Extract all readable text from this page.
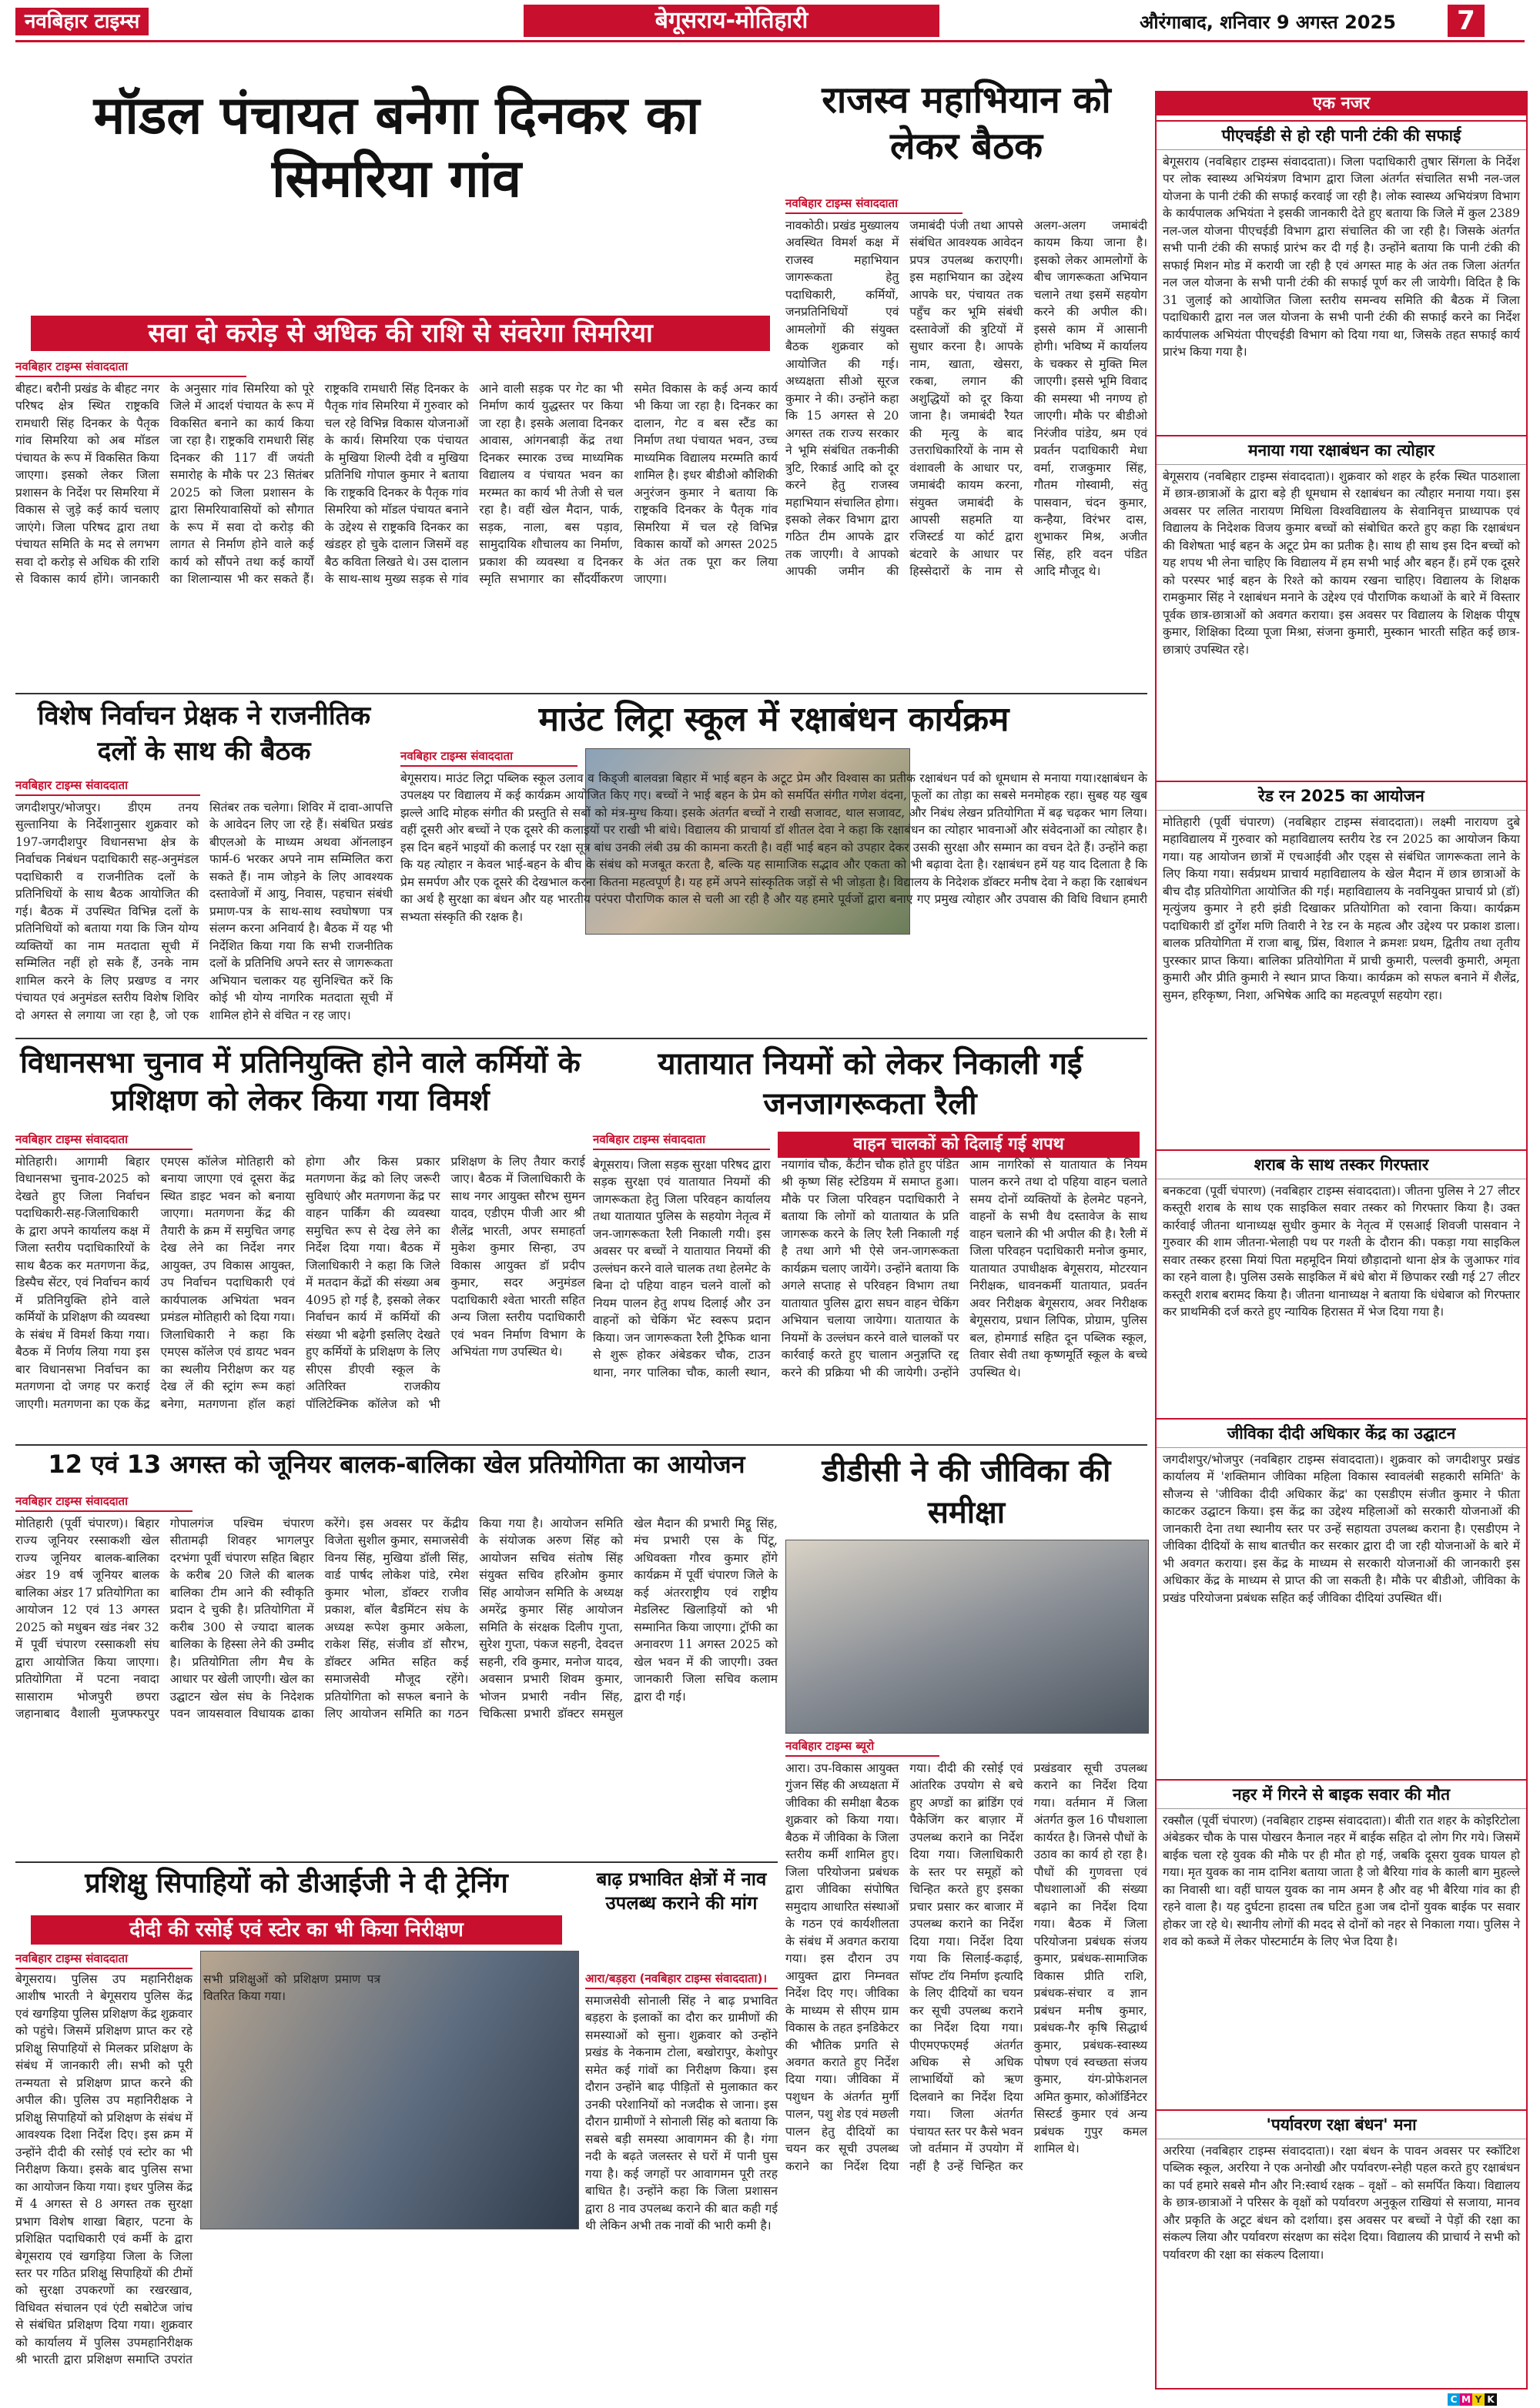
नवबिहार टाइम्स	बेगूसराय-मोतिहारी	औरंगाबाद, शनिवार 9 अगस्त 2025	7
मॉडल पंचायत बनेगा दिनकर का सिमरिया गांव
सवा दो करोड़ से अधिक की राशि से संवरेगा सिमरिया
नवबिहार टाइम्स संवाददाता
बीहट। बरौनी प्रखंड के बीहट नगर परिषद क्षेत्र स्थित राष्ट्रकवि रामधारी सिंह दिनकर के पैतृक गांव सिमरिया को अब मॉडल पंचायत के रूप में विकसित किया जाएगा। इसको लेकर जिला प्रशासन के निर्देश पर सिमरिया में विकास से जुड़े कई कार्य चलाए जाएंगे। जिला परिषद द्वारा तथा पंचायत समिति के मद से लगभग सवा दो करोड़ से अधिक की राशि से विकास कार्य होंगे। जानकारी के अनुसार गांव सिमरिया को पूरे जिले में आदर्श पंचायत के रूप में विकसित बनाने का कार्य किया जा रहा है। राष्ट्रकवि रामधारी सिंह दिनकर की 117 वीं जयंती समारोह के मौके पर 23 सितंबर 2025 को जिला प्रशासन के द्वारा सिमरियावासियों को सौगात के रूप में सवा दो करोड़ की लागत से निर्माण होने वाले कई कार्य को सौंपने तथा कई कार्यों का शिलान्यास भी कर सकते हैं। राष्ट्रकवि रामधारी सिंह दिनकर के पैतृक गांव सिमरिया में गुरुवार को चल रहे विभिन्न विकास योजनाओं के कार्य। सिमरिया एक पंचायत के मुखिया शिल्पी देवी व मुखिया प्रतिनिधि गोपाल कुमार ने बताया कि राष्ट्रकवि दिनकर के पैतृक गांव सिमरिया को मॉडल पंचायत बनाने के उद्देश्य से राष्ट्रकवि दिनकर का खंडहर हो चुके दालान जिसमें वह बैठ कविता लिखते थे। उस दालान के साथ-साथ मुख्य सड़क से गांव आने वाली सड़क पर गेट का भी निर्माण कार्य युद्धस्तर पर किया जा रहा है। इसके अलावा दिनकर आवास, आंगनबाड़ी केंद्र तथा दिनकर स्मारक उच्च माध्यमिक विद्यालय व पंचायत भवन का मरम्मत का कार्य भी तेजी से चल रहा है। वहीं खेल मैदान, पार्क, सड़क, नाला, बस पड़ाव, सामुदायिक शौचालय का निर्माण, प्रकाश की व्यवस्था व दिनकर स्मृति सभागार का सौंदर्यीकरण समेत विकास के कई अन्य कार्य भी किया जा रहा है। दिनकर का दालान, गेट व बस स्टैंड का निर्माण तथा पंचायत भवन, उच्च माध्यमिक विद्यालय मरम्मति कार्य शामिल है। इधर बीडीओ कौशिकी अनुरंजन कुमार ने बताया कि राष्ट्रकवि दिनकर के पैतृक गांव सिमरिया में चल रहे विभिन्न विकास कार्यों को अगस्त 2025 के अंत तक पूरा कर लिया जाएगा।
राजस्व महाभियान को लेकर बैठक
नवबिहार टाइम्स संवाददाता
नावकोठी। प्रखंड मुख्यालय अवस्थित विमर्श कक्ष में राजस्व महाभियान जागरूकता हेतु पदाधिकारी, कर्मियों, जनप्रतिनिधियों एवं आमलोगों की संयुक्त बैठक शुक्रवार को आयोजित की गई। अध्यक्षता सीओ सूरज कुमार ने की। उन्होंने कहा कि 15 अगस्त से 20 अगस्त तक राज्य सरकार ने भूमि संबंधित तकनीकी त्रुटि, रिकार्ड आदि को दूर करने हेतु राजस्व महाभियान संचालित होगा। इसको लेकर विभाग द्वारा गठित टीम आपके द्वार तक जाएगी। वे आपको आपकी जमीन की जमाबंदी पंजी तथा आपसे संबंधित आवश्यक आवेदन प्रपत्र उपलब्ध कराएगी। इस महाभियान का उद्देश्य आपके घर, पंचायत तक पहुँच कर भूमि संबंधी दस्तावेजों की त्रुटियों में सुधार करना है। आपके नाम, खाता, खेसरा, रकबा, लगान की अशुद्धियों को दूर किया जाना है। जमाबंदी रैयत की मृत्यु के बाद उत्तराधिकारियों के नाम से वंशावली के आधार पर, जमाबंदी कायम करना, संयुक्त जमाबंदी के आपसी सहमति या रजिस्टर्ड या कोर्ट द्वारा बंटवारे के आधार पर हिस्सेदारों के नाम से अलग-अलग जमाबंदी कायम किया जाना है। इसको लेकर आमलोगों के बीच जागरूकता अभियान चलाने तथा इसमें सहयोग करने की अपील की। इससे काम में आसानी होगी। भविष्य में कार्यालय के चक्कर से मुक्ति मिल जाएगी। इससे भूमि विवाद की समस्या भी नगण्य हो जाएगी। मौके पर बीडीओ निरंजीव पांडेय, श्रम एवं प्रवर्तन पदाधिकारी मेधा वर्मा, राजकुमार सिंह, गौतम गोस्वामी, संतु पासवान, चंदन कुमार, कन्हैया, विरंभर दास, शुभाकर मिश्र, अजीत सिंह, हरि वदन पंडित आदि मौजूद थे।
विशेष निर्वाचन प्रेक्षक ने राजनीतिक दलों के साथ की बैठक
नवबिहार टाइम्स संवाददाता
जगदीशपुर/भोजपुर। डीएम तनय सुल्तानिया के निर्देशानुसार शुक्रवार को 197-जगदीशपुर विधानसभा क्षेत्र के निर्वाचक निबंधन पदाधिकारी सह-अनुमंडल पदाधिकारी व राजनीतिक दलों के प्रतिनिधियों के साथ बैठक आयोजित की गई। बैठक में उपस्थित विभिन्न दलों के प्रतिनिधियों को बताया गया कि जिन योग्य व्यक्तियों का नाम मतदाता सूची में सम्मिलित नहीं हो सके हैं, उनके नाम शामिल करने के लिए प्रखण्ड व नगर पंचायत एवं अनुमंडल स्तरीय विशेष शिविर दो अगस्त से लगाया जा रहा है, जो एक सितंबर तक चलेगा। शिविर में दावा-आपत्ति के आवेदन लिए जा रहे हैं। संबंधित प्रखंड बीएलओ के माध्यम अथवा ऑनलाइन फार्म-6 भरकर अपने नाम सम्मिलित करा सकते हैं। नाम जोड़ने के लिए आवश्यक दस्तावेजों में आयु, निवास, पहचान संबंधी प्रमाण-पत्र के साथ-साथ स्वघोषणा पत्र संलग्न करना अनिवार्य है। बैठक में यह भी निर्देशित किया गया कि सभी राजनीतिक दलों के प्रतिनिधि अपने स्तर से जागरूकता अभियान चलाकर यह सुनिश्चित करें कि कोई भी योग्य नागरिक मतदाता सूची में शामिल होने से वंचित न रह जाए।
माउंट लिट्रा स्कूल में रक्षाबंधन कार्यक्रम
नवबिहार टाइम्स संवाददाता
बेगूसराय। माउंट लिट्रा पब्लिक स्कूल उलाव व किड्जी बालवन्ना बिहार में भाई बहन के अटूट प्रेम और विश्वास का प्रतीक रक्षाबंधन पर्व को धूमधाम से मनाया गया।रक्षाबंधन के उपलक्ष्य पर विद्यालय में कई कार्यक्रम आयोजित किए गए। बच्चों ने भाई बहन के प्रेम को समर्पित संगीत गणेश वंदना, फूलों का तोड़ा का सबसे मनमोहक रहा। सुबह यह खुब झल्ले आदि मोहक संगीत की प्रस्तुति से सबों को मंत्र-मुग्ध किया। इसके अंतर्गत बच्चों ने राखी सजावट, थाल सजावट, और निबंध लेखन प्रतियोगिता में बढ़ चढ़कर भाग लिया। वहीं दूसरी ओर बच्चों ने एक दूसरे की कलाइयों पर राखी भी बांधे। विद्यालय की प्राचार्या डॉ शीतल देवा ने कहा कि रक्षाबंधन का त्योहार भावनाओं और संवेदनाओं का त्योहार है। इस दिन बहनें भाइयों की कलाई पर रक्षा सूत्र बांध उनकी लंबी उम्र की कामना करती है। वहीं भाई बहन को उपहार देकर उसकी सुरक्षा और सम्मान का वचन देते हैं। उन्होंने कहा कि यह त्योहार न केवल भाई-बहन के बीच के संबंध को मजबूत करता है, बल्कि यह सामाजिक सद्भाव और एकता को भी बढ़ावा देता है। रक्षाबंधन हमें यह याद दिलाता है कि प्रेम समर्पण और एक दूसरे की देखभाल करना कितना महत्वपूर्ण है। यह हमें अपने सांस्कृतिक जड़ों से भी जोड़ता है। विद्यालय के निदेशक डॉक्टर मनीष देवा ने कहा कि रक्षाबंधन का अर्थ है सुरक्षा का बंधन और यह भारतीय परंपरा पौराणिक काल से चली आ रही है और यह हमारे पूर्वजों द्वारा बनाए गए प्रमुख त्योहार और उपवास की विधि विधान हमारी सभ्यता संस्कृति की रक्षक है।
विधानसभा चुनाव में प्रतिनियुक्ति होने वाले कर्मियों के प्रशिक्षण को लेकर किया गया विमर्श
नवबिहार टाइम्स संवाददाता
मोतिहारी। आगामी बिहार विधानसभा चुनाव-2025 को देखते हुए जिला निर्वाचन पदाधिकारी-सह-जिलाधिकारी के द्वारा अपने कार्यालय कक्ष में जिला स्तरीय पदाधिकारियों के साथ बैठक कर मतगणना केंद्र, डिस्पैच सेंटर, एवं निर्वाचन कार्य में प्रतिनियुक्ति होने वाले कर्मियों के प्रशिक्षण की व्यवस्था के संबंध में विमर्श किया गया। बैठक में निर्णय लिया गया इस बार विधानसभा निर्वाचन का मतगणना दो जगह पर कराई जाएगी। मतगणना का एक केंद्र एमएस कॉलेज मोतिहारी को बनाया जाएगा एवं दूसरा केंद्र स्थित डाइट भवन को बनाया जाएगा। मतगणना केंद्र की तैयारी के क्रम में समुचित जगह देख लेने का निर्देश नगर आयुक्त, उप विकास आयुक्त, उप निर्वाचन पदाधिकारी एवं कार्यपालक अभियंता भवन प्रमंडल मोतिहारी को दिया गया। जिलाधिकारी ने कहा कि एमएस कॉलेज एवं डायट भवन का स्थलीय निरीक्षण कर यह देख लें की स्ट्रांग रूम कहां बनेगा, मतगणना हॉल कहां होगा और किस प्रकार मतगणना केंद्र को लिए जरूरी सुविधाएं और मतगणना केंद्र पर वाहन पार्किंग की व्यवस्था समुचित रूप से देख लेने का निर्देश दिया गया। बैठक में जिलाधिकारी ने कहा कि जिले में मतदान केंद्रों की संख्या अब 4095 हो गई है, इसको लेकर निर्वाचन कार्य में कर्मियों की संख्या भी बढ़ेगी इसलिए देखते हुए कर्मियों के प्रशिक्षण के लिए सीएस डीएवी स्कूल के अतिरिक्त राजकीय पॉलिटेक्निक कॉलेज को भी प्रशिक्षण के लिए तैयार कराई जाए। बैठक में जिलाधिकारी के साथ नगर आयुक्त सौरभ सुमन यादव, एडीएम पीजी आर श्री शैलेंद्र भारती, अपर समाहर्ता मुकेश कुमार सिन्हा, उप विकास आयुक्त डॉ प्रदीप कुमार, सदर अनुमंडल पदाधिकारी श्वेता भारती सहित अन्य जिला स्तरीय पदाधिकारी एवं भवन निर्माण विभाग के अभियंता गण उपस्थित थे।
यातायात नियमों को लेकर निकाली गई जनजागरूकता रैली
नवबिहार टाइम्स संवाददाता	वाहन चालकों को दिलाई गई शपथ
बेगूसराय। जिला सड़क सुरक्षा परिषद द्वारा सड़क सुरक्षा एवं यातायात नियमों की जागरूकता हेतु जिला परिवहन कार्यालय तथा यातायात पुलिस के सहयोग नेतृत्व में जन-जागरूकता रैली निकाली गयी। इस अवसर पर बच्चों ने यातायात नियमों की उल्लंघन करने वाले चालक तथा हेलमेट के बिना दो पहिया वाहन चलने वालों को नियम पालन हेतु शपथ दिलाई और उन वाहनों को चेकिंग भेंट स्वरूप प्रदान किया। जन जागरूकता रैली ट्रैफिक थाना से शुरू होकर अंबेडकर चौक, टाउन थाना, नगर पालिका चौक, काली स्थान, नयागांव चौक, कैंटीन चौक होते हुए पंडित श्री कृष्ण सिंह स्टेडियम में समाप्त हुआ। मौके पर जिला परिवहन पदाधिकारी ने बताया कि लोगों को यातायात के प्रति जागरूक करने के लिए रैली निकाली गई है तथा आगे भी ऐसे जन-जागरूकता कार्यक्रम चलाए जायेंगे। उन्होंने बताया कि अगले सप्ताह से परिवहन विभाग तथा यातायात पुलिस द्वारा सघन वाहन चेकिंग अभियान चलाया जायेगा। यातायात के नियमों के उल्लंघन करने वाले चालकों पर कार्रवाई करते हुए चालान अनुज्ञप्ति रद्द करने की प्रक्रिया भी की जायेगी। उन्होंने आम नागरिकों से यातायात के नियम पालन करने तथा दो पहिया वाहन चलाते समय दोनों व्यक्तियों के हेलमेट पहनने, वाहनों के सभी वैध दस्तावेज के साथ वाहन चलाने की भी अपील की है। रैली में जिला परिवहन पदाधिकारी मनोज कुमार, यातायात उपाधीक्षक बेगूसराय, मोटरयान निरीक्षक, धावनकर्मी यातायात, प्रवर्तन अवर निरीक्षक बेगूसराय, अवर निरीक्षक बेगूसराय, प्रधान लिपिक, प्रोग्राम, पुलिस बल, होमगार्ड सहित दून पब्लिक स्कूल, तिवार सेवी तथा कृष्णमूर्ति स्कूल के बच्चे उपस्थित थे।
12 एवं 13 अगस्त को जूनियर बालक-बालिका खेल प्रतियोगिता का आयोजन
नवबिहार टाइम्स संवाददाता
मोतिहारी (पूर्वी चंपारण)। बिहार राज्य जूनियर रस्साकशी खेल राज्य जूनियर बालक-बालिका अंडर 19 वर्ष जूनियर बालक बालिका अंडर 17 प्रतियोगिता का आयोजन 12 एवं 13 अगस्त 2025 को मधुबन खंड नंबर 32 में पूर्वी चंपारण रस्साकशी संघ द्वारा आयोजित किया जाएगा। प्रतियोगिता में पटना नवादा सासाराम भोजपुरी छपरा जहानाबाद वैशाली मुजफ्फरपुर गोपालगंज पश्चिम चंपारण सीतामढ़ी शिवहर भागलपुर दरभंगा पूर्वी चंपारण सहित बिहार के करीब 20 जिले की बालक बालिका टीम आने की स्वीकृति प्रदान दे चुकी है। प्रतियोगिता में करीब 300 से ज्यादा बालक बालिका के हिस्सा लेने की उम्मीद है। प्रतियोगिता लीग मैच के आधार पर खेली जाएगी। खेल का उद्घाटन खेल संघ के निदेशक पवन जायसवाल विधायक ढाका करेंगे। इस अवसर पर केंद्रीय विजेता सुशील कुमार, समाजसेवी विनय सिंह, मुखिया डॉली सिंह, वार्ड पार्षद लोकेश पांडे, रमेश कुमार भोला, डॉक्टर राजीव प्रकाश, बॉल बैडमिंटन संघ के अध्यक्ष रूपेश कुमार अकेला, राकेश सिंह, संजीव डॉ सौरभ, डॉक्टर अमित सहित कई समाजसेवी मौजूद रहेंगे। प्रतियोगिता को सफल बनाने के लिए आयोजन समिति का गठन किया गया है। आयोजन समिति के संयोजक अरुण सिंह को आयोजन सचिव संतोष सिंह संयुक्त सचिव हरिओम कुमार सिंह आयोजन समिति के अध्यक्ष अमरेंद्र कुमार सिंह आयोजन समिति के संरक्षक दिलीप गुप्ता, सुरेश गुप्ता, पंकज सहनी, देवदत्त सहनी, रवि कुमार, मनोज यादव, अवसान प्रभारी शिवम कुमार, भोजन प्रभारी नवीन सिंह, चिकित्सा प्रभारी डॉक्टर समसुल खेल मैदान की प्रभारी मिट्ठू सिंह, मंच प्रभारी एस के पिंटू, अधिवक्ता गौरव कुमार होंगे कार्यक्रम में पूर्वी चंपारण जिले के कई अंतरराष्ट्रीय एवं राष्ट्रीय मेडलिस्ट खिलाड़ियों को भी सम्मानित किया जाएगा। ट्रॉफी का अनावरण 11 अगस्त 2025 को खेल भवन में की जाएगी। उक्त जानकारी जिला सचिव कलाम द्वारा दी गई।
डीडीसी ने की जीविका की समीक्षा
नवबिहार टाइम्स ब्यूरो
आरा। उप-विकास आयुक्त गुंजन सिंह की अध्यक्षता में जीविका की समीक्षा बैठक शुक्रवार को किया गया। बैठक में जीविका के जिला स्तरीय कर्मी शामिल हुए। जिला परियोजना प्रबंधक द्वारा जीविका संपोषित समुदाय आधारित संस्थाओं के गठन एवं कार्यशीलता के संबंध में अवगत कराया गया। इस दौरान उप आयुक्त द्वारा निम्नवत निर्देश दिए गए। जीविका के माध्यम से सीएम ग्राम विकास के तहत इनडिकेटर की भौतिक प्रगति से अवगत कराते हुए निर्देश दिया गया। जीविका में पशुधन के अंतर्गत मुर्गी पालन, पशु शेड एवं मछली पालन हेतु दीदियों का चयन कर सूची उपलब्ध कराने का निर्देश दिया गया। दीदी की रसोई एवं आंतरिक उपयोग से बचे हुए अण्डों का ब्रांडिंग एवं पैकेजिंग कर बाज़ार में उपलब्ध कराने का निर्देश दिया गया। जिलाधिकारी के स्तर पर समूहों को चिन्हित करते हुए इसका प्रचार प्रसार कर बाजार में उपलब्ध कराने का निर्देश दिया गया। निर्देश दिया गया कि सिलाई-कढ़ाई, सॉफ्ट टॉय निर्माण इत्यादि के लिए दीदियों का चयन कर सूची उपलब्ध कराने का निर्देश दिया गया। पीएमएफएमई अंतर्गत अधिक से अधिक लाभार्थियों को ऋण दिलवाने का निर्देश दिया गया। जिला अंतर्गत पंचायत स्तर पर कैसे भवन जो वर्तमान में उपयोग में नहीं है उन्हें चिन्हित कर प्रखंडवार सूची उपलब्ध कराने का निर्देश दिया गया। वर्तमान में जिला अंतर्गत कुल 16 पौधशाला कार्यरत है। जिनसे पौधों के उठाव का कार्य हो रहा है। पौधों की गुणवत्ता एवं पौधशालाओं की संख्या बढ़ाने का निर्देश दिया गया। बैठक में जिला परियोजना प्रबंधक संजय कुमार, प्रबंधक-सामाजिक विकास प्रीति राशि, प्रबंधक-संचार व ज्ञान प्रबंधन मनीष कुमार, प्रबंधक-गैर कृषि सिद्धार्थ कुमार, प्रबंधक-स्वास्थ्य पोषण एवं स्वच्छता संजय कुमार, यंग-प्रोफेशनल अमित कुमार, कोऑर्डिनेटर सिस्टर्ड कुमार एवं अन्य प्रबंधक गुपुर कमल शामिल थे।
प्रशिक्षु सिपाहियों को डीआईजी ने दी ट्रेनिंग
दीदी की रसोई एवं स्टोर का भी किया निरीक्षण
नवबिहार टाइम्स संवाददाता
बेगूसराय। पुलिस उप महानिरीक्षक आशीष भारती ने बेगूसराय पुलिस केंद्र एवं खगड़िया पुलिस प्रशिक्षण केंद्र शुक्रवार को पहुंचे। जिसमें प्रशिक्षण प्राप्त कर रहे प्रशिक्षु सिपाहियों से मिलकर प्रशिक्षण के संबंध में जानकारी ली। सभी को पूरी तन्मयता से प्रशिक्षण प्राप्त करने की अपील की। पुलिस उप महानिरीक्षक ने प्रशिक्षु सिपाहियों को प्रशिक्षण के संबंध में आवश्यक दिशा निर्देश दिए। इस क्रम में उन्होंने दीदी की रसोई एवं स्टोर का भी निरीक्षण किया। इसके बाद पुलिस सभा का आयोजन किया गया। इधर पुलिस केंद्र में 4 अगस्त से 8 अगस्त तक सुरक्षा प्रभाग विशेष शाखा बिहार, पटना के प्रशिक्षित पदाधिकारी एवं कर्मी के द्वारा बेगूसराय एवं खगड़िया जिला के जिला स्तर पर गठित प्रशिक्षु सिपाहियों की टीमों को सुरक्षा उपकरणों का रखरखाव, विधिवत संचालन एवं एंटी सबोटेज जांच से संबंधित प्रशिक्षण दिया गया। शुक्रवार को कार्यालय में पुलिस उपमहानिरीक्षक श्री भारती द्वारा प्रशिक्षण समाप्ति उपरांत
बाढ़ प्रभावित क्षेत्रों में नाव उपलब्ध कराने की मांग
आरा/बड़हरा (नवबिहार टाइम्स संवाददाता)।
समाजसेवी सोनाली सिंह ने बाढ़ प्रभावित बड़हरा के इलाकों का दौरा कर ग्रामीणों की समस्याओं को सुना। शुक्रवार को उन्होंने प्रखंड के नेकनाम टोला, बखोरापुर, केशोपुर समेत कई गांवों का निरीक्षण किया। इस दौरान उन्होंने बाढ़ पीड़ितों से मुलाकात कर उनकी परेशानियों को नजदीक से जाना। इस दौरान ग्रामीणों ने सोनाली सिंह को बताया कि सबसे बड़ी समस्या आवागमन की है। गंगा नदी के बढ़ते जलस्तर से घरों में पानी घुस गया है। कई जगहों पर आवागमन पूरी तरह बाधित है। उन्होंने कहा कि जिला प्रशासन द्वारा 8 नाव उपलब्ध कराने की बात कही गई थी लेकिन अभी तक नावों की भारी कमी है।
एक नजर
पीएचईडी से हो रही पानी टंकी की सफाई
बेगूसराय (नवबिहार टाइम्स संवाददाता)। जिला पदाधिकारी तुषार सिंगला के निर्देश पर लोक स्वास्थ्य अभियंत्रण विभाग द्वारा जिला अंतर्गत संचालित सभी नल-जल योजना के पानी टंकी की सफाई करवाई जा रही है। लोक स्वास्थ्य अभियंत्रण विभाग के कार्यपालक अभियंता ने इसकी जानकारी देते हुए बताया कि जिले में कुल 2389 नल-जल योजना पीएचईडी विभाग द्वारा संचालित की जा रही है। जिसके अंतर्गत सभी पानी टंकी की सफाई प्रारंभ कर दी गई है। उन्होंने बताया कि पानी टंकी की सफाई मिशन मोड में करायी जा रही है एवं अगस्त माह के अंत तक जिला अंतर्गत नल जल योजना के सभी पानी टंकी की सफाई पूर्ण कर ली जायेगी। विदित है कि 31 जुलाई को आयोजित जिला स्तरीय समन्वय समिति की बैठक में जिला पदाधिकारी द्वारा नल जल योजना के सभी पानी टंकी की सफाई करने का निर्देश कार्यपालक अभियंता पीएचईडी विभाग को दिया गया था, जिसके तहत सफाई कार्य प्रारंभ किया गया है।
मनाया गया रक्षाबंधन का त्योहार
बेगूसराय (नवबिहार टाइम्स संवाददाता)। शुक्रवार को शहर के हर्रक स्थित पाठशाला में छात्र-छात्राओं के द्वारा बड़े ही धूमधाम से रक्षाबंधन का त्यौहार मनाया गया। इस अवसर पर ललित नारायण मिथिला विश्वविद्यालय के सेवानिवृत्त प्राध्यापक एवं विद्यालय के निदेशक विजय कुमार बच्चों को संबोधित करते हुए कहा कि रक्षाबंधन की विशेषता भाई बहन के अटूट प्रेम का प्रतीक है। साथ ही साथ इस दिन बच्चों को यह शपथ भी लेना चाहिए कि विद्यालय में हम सभी भाई और बहन हैं। हमें एक दूसरे को परस्पर भाई बहन के रिश्ते को कायम रखना चाहिए। विद्यालय के शिक्षक रामकुमार सिंह ने रक्षाबंधन मनाने के उद्देश्य एवं पौराणिक कथाओं के बारे में विस्तार पूर्वक छात्र-छात्राओं को अवगत कराया। इस अवसर पर विद्यालय के शिक्षक पीयूष कुमार, शिक्षिका दिव्या पूजा मिश्रा, संजना कुमारी, मुस्कान भारती सहित कई छात्र-छात्राएं उपस्थित रहे।
रेड रन 2025 का आयोजन
मोतिहारी (पूर्वी चंपारण) (नवबिहार टाइम्स संवाददाता)। लक्ष्मी नारायण दुबे महाविद्यालय में गुरुवार को महाविद्यालय स्तरीय रेड रन 2025 का आयोजन किया गया। यह आयोजन छात्रों में एचआईवी और एड्स से संबंधित जागरूकता लाने के लिए किया गया। सर्वप्रथम प्राचार्य महाविद्यालय के खेल मैदान में छात्र छात्राओं के बीच दौड़ प्रतियोगिता आयोजित की गई। महाविद्यालय के नवनियुक्त प्राचार्य प्रो (डॉ) मृत्युंजय कुमार ने हरी झंडी दिखाकर प्रतियोगिता को रवाना किया। कार्यक्रम पदाधिकारी डॉ दुर्गेश मणि तिवारी ने रेड रन के महत्व और उद्देश्य पर प्रकाश डाला। बालक प्रतियोगिता में राजा बाबू, प्रिंस, विशाल ने क्रमशः प्रथम, द्वितीय तथा तृतीय पुरस्कार प्राप्त किया। बालिका प्रतियोगिता में प्राची कुमारी, पल्लवी कुमारी, अमृता कुमारी और प्रीति कुमारी ने स्थान प्राप्त किया। कार्यक्रम को सफल बनाने में शैलेंद्र, सुमन, हरिकृष्ण, निशा, अभिषेक आदि का महत्वपूर्ण सहयोग रहा।
शराब के साथ तस्कर गिरफ्तार
बनकटवा (पूर्वी चंपारण) (नवबिहार टाइम्स संवाददाता)। जीतना पुलिस ने 27 लीटर कस्तूरी शराब के साथ एक साइकिल सवार तस्कर को गिरफ्तार किया है। उक्त कार्रवाई जीतना थानाध्यक्ष सुधीर कुमार के नेतृत्व में एसआई शिवजी पासवान ने गुरुवार की शाम जीतना-भेलाही पथ पर गश्ती के दौरान की। पकड़ा गया साइकिल सवार तस्कर हरसा मियां पिता महमूदिन मियां छौड़ादानो थाना क्षेत्र के जुआफर गांव का रहने वाला है। पुलिस उसके साइकिल में बंधे बोरा में छिपाकर रखी गई 27 लीटर कस्तूरी शराब बरामद किया है। जीतना थानाध्यक्ष ने बताया कि धंधेबाज को गिरफ्तार कर प्राथमिकी दर्ज करते हुए न्यायिक हिरासत में भेज दिया गया है।
जीविका दीदी अधिकार केंद्र का उद्घाटन
जगदीशपुर/भोजपुर (नवबिहार टाइम्स संवाददाता)। शुक्रवार को जगदीशपुर प्रखंड कार्यालय में 'शक्तिमान जीविका महिला विकास स्वावलंबी सहकारी समिति' के सौजन्य से 'जीविका दीदी अधिकार केंद्र' का एसडीएम संजीत कुमार ने फीता काटकर उद्घाटन किया। इस केंद्र का उद्देश्य महिलाओं को सरकारी योजनाओं की जानकारी देना तथा स्थानीय स्तर पर उन्हें सहायता उपलब्ध कराना है। एसडीएम ने जीविका दीदियों के साथ बातचीत कर सरकार द्वारा दी जा रही योजनाओं के बारे में भी अवगत कराया। इस केंद्र के माध्यम से सरकारी योजनाओं की जानकारी इस अधिकार केंद्र के माध्यम से प्राप्त की जा सकती है। मौके पर बीडीओ, जीविका के प्रखंड परियोजना प्रबंधक सहित कई जीविका दीदियां उपस्थित थीं।
नहर में गिरने से बाइक सवार की मौत
रक्सौल (पूर्वी चंपारण) (नवबिहार टाइम्स संवाददाता)। बीती रात शहर के कोइरिटोला अंबेडकर चौक के पास पोखरन कैनाल नहर में बाईक सहित दो लोग गिर गये। जिसमें बाईक चला रहे युवक की मौके पर ही मौत हो गई, जबकि दूसरा युवक घायल हो गया। मृत युवक का नाम दानिश बताया जाता है जो बैरिया गांव के काली बाग मुहल्ले का निवासी था। वहीं घायल युवक का नाम अमन है और वह भी बैरिया गांव का ही रहने वाला है। यह दुर्घटना हादसा तब घटित हुआ जब दोनों युवक बाईक पर सवार होकर जा रहे थे। स्थानीय लोगों की मदद से दोनों को नहर से निकाला गया। पुलिस ने शव को कब्जे में लेकर पोस्टमार्टम के लिए भेज दिया है।
'पर्यावरण रक्षा बंधन' मना
अररिया (नवबिहार टाइम्स संवाददाता)। रक्षा बंधन के पावन अवसर पर स्कॉटिश पब्लिक स्कूल, अररिया ने एक अनोखी और पर्यावरण-स्नेही पहल करते हुए रक्षाबंधन का पर्व हमारे सबसे मौन और नि:स्वार्थ रक्षक – वृक्षों – को समर्पित किया। विद्यालय के छात्र-छात्राओं ने परिसर के वृक्षों को पर्यावरण अनुकूल राखियां से सजाया, मानव और प्रकृति के अटूट बंधन को दर्शाया। इस अवसर पर बच्चों ने पेड़ों की रक्षा का संकल्प लिया और पर्यावरण संरक्षण का संदेश दिया। विद्यालय की प्राचार्य ने सभी को पर्यावरण की रक्षा का संकल्प दिलाया।
C M Y K
